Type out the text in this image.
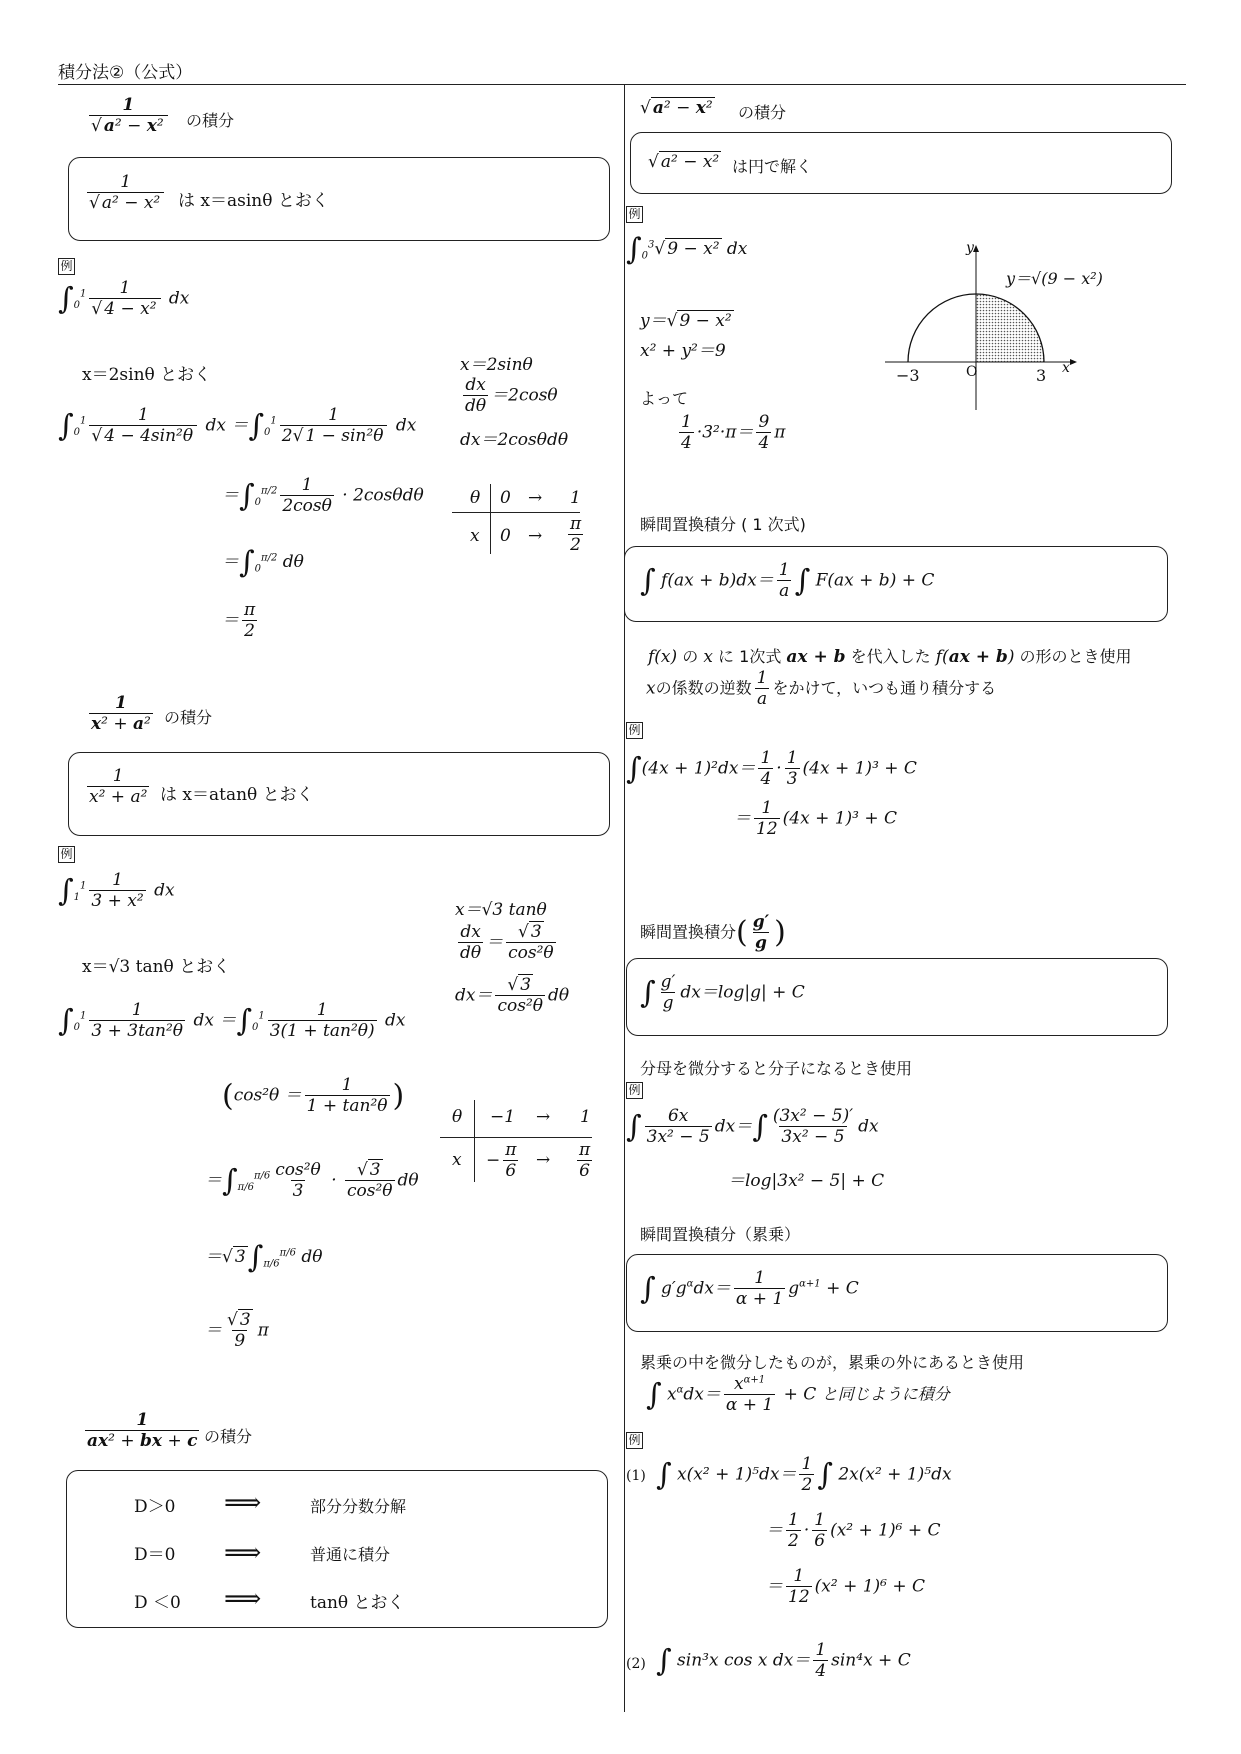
積分法②（公式）
$\frac{1}{\text{√ a² − x²}}$ の積分
$\frac{1}{\text{√ a² − x²}}$ は x＝asinθ とおく
例
$\int_0^1 \frac{1}{\text{√ 4 − x²}}$ dx
x＝2sinθ とおく	x＝2sinθ
$\frac{dx}{d\theta} =2\cos\theta$
dx＝2cosθdθ
$\int_0^1 \frac{1}{\text{√ 4 − 4sin²θ}}$ dx $=\int_0^1 \frac{1}{\text{2√ 1 − sin²θ}}$ dx
$=\int_0^{\pi/2} \frac{1}{2\cos\theta} \cdot 2\cos\theta d\theta$
$=\int_0^{\pi/2}$ dθ
＝ $\frac{\pi}{2}$
θ 0 → 1
x $0 \to \frac{\pi}{2}$
$\frac{1}{\text{x² + a²}}$ の積分
$\frac{1}{\text{x² + a²}}$ は x＝atanθ とおく
例
$\int_1^1 \frac{1}{\text{3 + x²}}$ dx
x＝√3 tanθ とおく
x＝√3 tanθ
$\frac{dx}{d\theta} = \frac{√ 3}{\text{cos²θ}}$
$dx= \frac{√ 3}{\text{cos²θ}}$ dθ
$\int_0^1 \frac{1}{\text{3 + 3tan²θ}}$ dx $=\int_0^1 \frac{1}{\text{3(1 + tan²θ)}}$ dx
($\cos^2\theta = \frac{1}{\text{1 + tan²θ}}$ )
$=\int_{\pi/6}^{\pi/6} \frac{\text{cos²θ}}{3} \cdot \frac{√ 3}{\text{cos²θ}}$ dθ
＝√ $3\int_{\pi/6}^{\pi/6}$ dθ
＝ $\frac{√ 3}{9}$ π
θ −1 → 1
$x - \frac{\pi}{6} \to \frac{\pi}{6}$
$\frac{1}{\text{ax² + bx + c}}$ の積分
D＞0 ⟹	部分分数分解
D＝0 ⟹	普通に積分
D ＜0 ⟹	tanθ とおく
√ a² − x² の積分
√ a² − x² は円で解く
例
$\int_0^3√$ 9 − x² dx
y＝√ 9 − x²
x² + y²＝9
よって
$\frac{1}{4} \cdot 3^2\cdot\pi= \frac{9}{4}$ π
y
x
y＝√(9 − x²)
O
−3	3
瞬間置換積分 ( 1 次式)
∫ $f(ax + b)dx= \frac{1}{a}$ ∫ F(ax + b) + C
f(x) の x に 1次式 ax + b を代入した f(ax + b) の形のとき使用
xの係数の逆数 $\frac{1}{a}$ をかけて，いつも通り積分する
例
$\int(4x + 1)^2dx= \frac{1}{4} \cdot \frac{1}{3} (4x + 1)^3 + C$
＝ $\frac{1}{12} (4x + 1)^3 + C$
瞬間置換積分( $\frac{g'}{g}$ )
∫ $\frac{g'}{g} dx=\log|g| + C$
分母を微分すると分子になるとき使用
例
∫ $\frac{6x}{\text{3x² − 5}} dx=\int \frac{\text{(3x² − 5)′}}{\text{3x² − 5}}$ dx
＝log|3x² − 5| + C
瞬間置換積分（累乗）
∫ $g'g^\alpha dx= \frac{1}{\alpha + 1} g^{\alpha+1} + C$
累乗の中を微分したものが，累乗の外にあるとき使用
∫ $x^\alpha dx= \frac{x^{\alpha+1}}{\alpha + 1} + C$ と同じように積分
例
(1) ∫ $x(x^2 + 1)^5dx= \frac{1}{2}$ ∫ 2x(x² + 1)⁵dx
＝ $\frac{1}{2} \cdot \frac{1}{6} (x^2 + 1)^6 + C$
＝ $\frac{1}{12} (x^2 + 1)^6 + C$
(2) ∫ sin³x cos x $dx= \frac{1}{4} \sin^4x + C$
